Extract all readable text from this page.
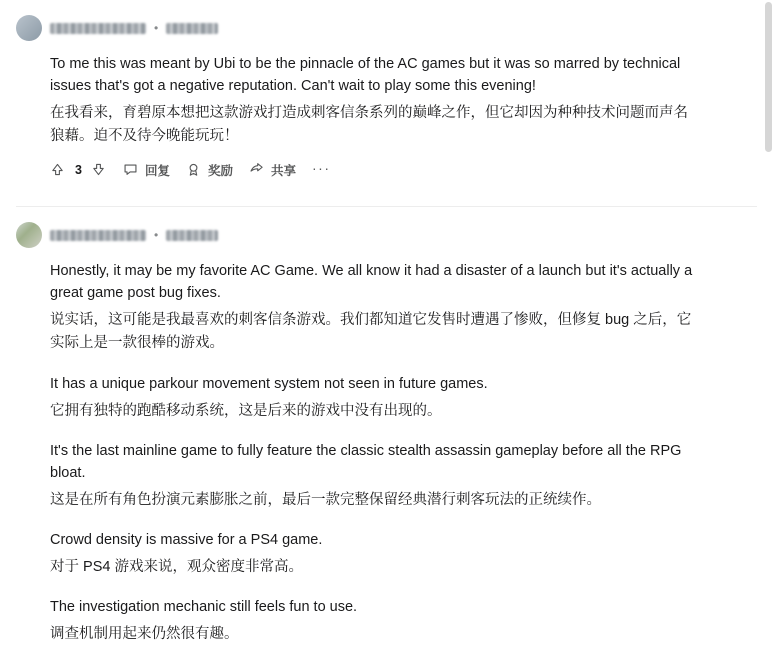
•

To me this was meant by Ubi to be the pinnacle of the AC games but it was so marred by technical issues that's got a negative reputation. Can't wait to play some this evening!

在我看来，育碧原本想把这款游戏打造成刺客信条系列的巅峰之作，但它却因为种种技术问题而声名狼藉。迫不及待今晚能玩玩！

3	回复	奖励	共享 ···
•

Honestly, it may be my favorite AC Game. We all know it had a disaster of a launch but it's actually a great game post bug fixes.

说实话，这可能是我最喜欢的刺客信条游戏。我们都知道它发售时遭遇了惨败，但修复 bug 之后，它实际上是一款很棒的游戏。

It has a unique parkour movement system not seen in future games.

它拥有独特的跑酷移动系统，这是后来的游戏中没有出现的。

It's the last mainline game to fully feature the classic stealth assassin gameplay before all the RPG bloat.

这是在所有角色扮演元素膨胀之前，最后一款完整保留经典潜行刺客玩法的正统续作。

Crowd density is massive for a PS4 game.

对于 PS4 游戏来说，观众密度非常高。

The investigation mechanic still feels fun to use.

调查机制用起来仍然很有趣。
